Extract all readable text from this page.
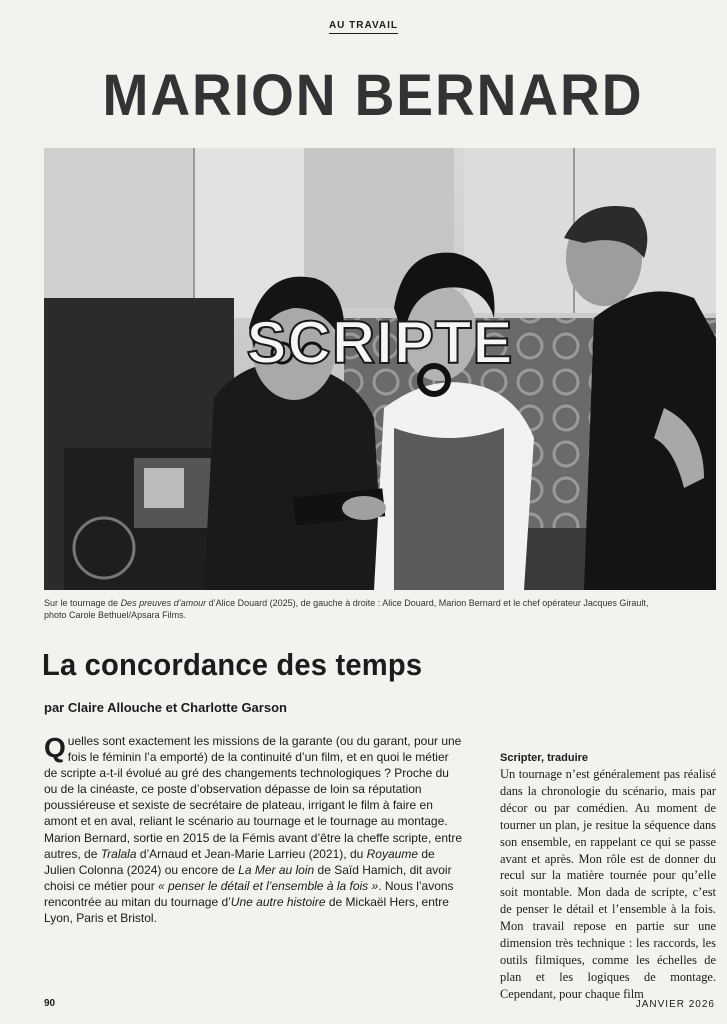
AU TRAVAIL
MARION BERNARD
SCRIPTE
Sur le tournage de Des preuves d’amour d’Alice Douard (2025), de gauche à droite : Alice Douard, Marion Bernard et le chef opérateur Jacques Girault,
photo Carole Bethuel/Apsara Films.
La concordance des temps
par Claire Allouche et Charlotte Garson
Quelles sont exactement les missions de la garante (ou du garant, pour une fois le féminin l’a emporté) de la continuité d’un film, et en quoi le métier de scripte a-t-il évolué au gré des changements technologiques ? Proche du ou de la cinéaste, ce poste d’observation dépasse de loin sa réputation poussiéreuse et sexiste de secrétaire de plateau, irrigant le film à faire en amont et en aval, reliant le scénario au tournage et le tournage au montage. Marion Bernard, sortie en 2015 de la Fémis avant d’être la cheffe scripte, entre autres, de Tralala d’Arnaud et Jean-Marie Larrieu (2021), du Royaume de Julien Colonna (2024) ou encore de La Mer au loin de Saïd Hamich, dit avoir choisi ce métier pour « penser le détail et l’ensemble à la fois ». Nous l’avons rencontrée au mitan du tournage d’Une autre histoire de Mickaël Hers, entre Lyon, Paris et Bristol.
Scripter, traduire
Un tournage n’est généralement pas réalisé dans la chronologie du scénario, mais par décor ou par comédien. Au moment de tourner un plan, je resitue la séquence dans son ensemble, en rappelant ce qui se passe avant et après. Mon rôle est de donner du recul sur la matière tournée pour qu’elle soit montable. Mon dada de scripte, c’est de penser le détail et l’ensemble à la fois. Mon travail repose en partie sur une dimension très technique : les raccords, les outils filmiques, comme les échelles de plan et les logiques de montage. Cependant, pour chaque film
90	JANVIER 2026
